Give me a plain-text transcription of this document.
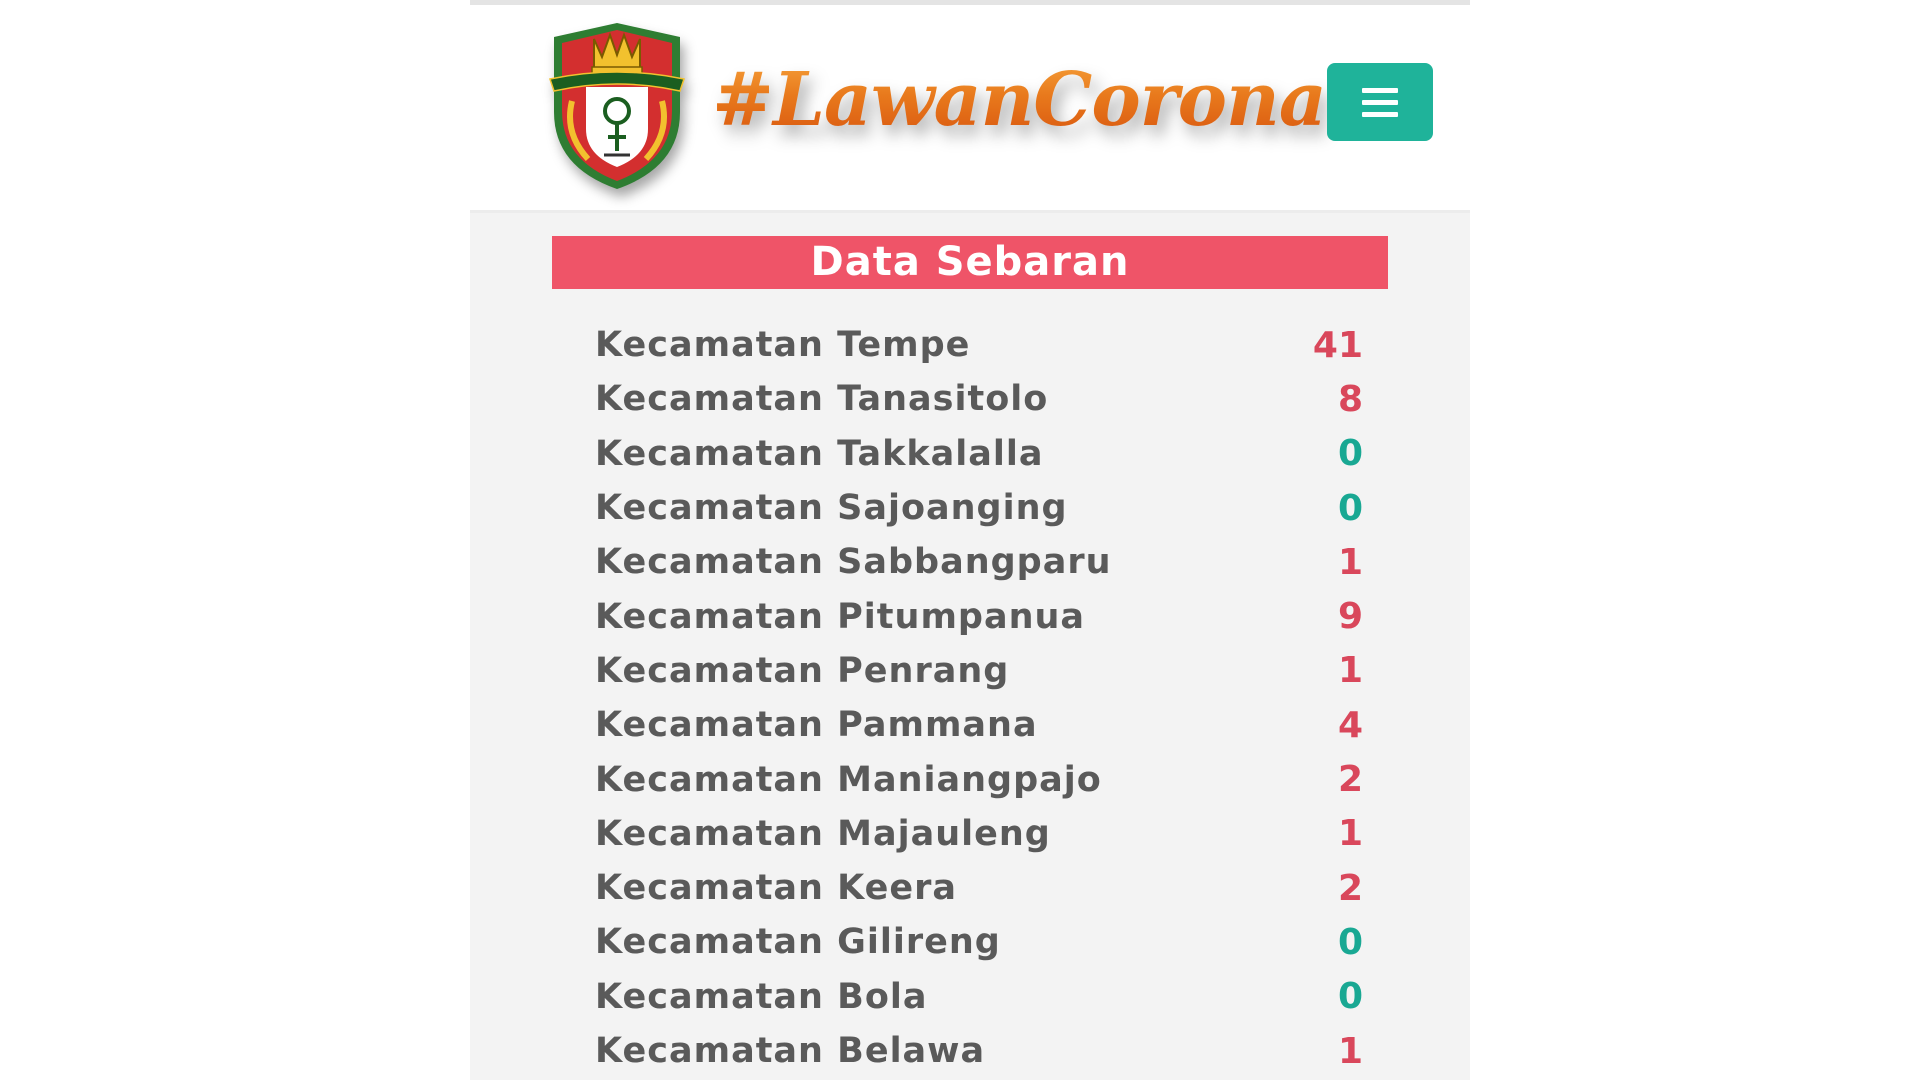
#LawanCorona
Data Sebaran
Kecamatan Tempe	41
Kecamatan Tanasitolo	8
Kecamatan Takkalalla	0
Kecamatan Sajoanging	0
Kecamatan Sabbangparu	1
Kecamatan Pitumpanua	9
Kecamatan Penrang	1
Kecamatan Pammana	4
Kecamatan Maniangpajo	2
Kecamatan Majauleng	1
Kecamatan Keera	2
Kecamatan Gilireng	0
Kecamatan Bola	0
Kecamatan Belawa	1
